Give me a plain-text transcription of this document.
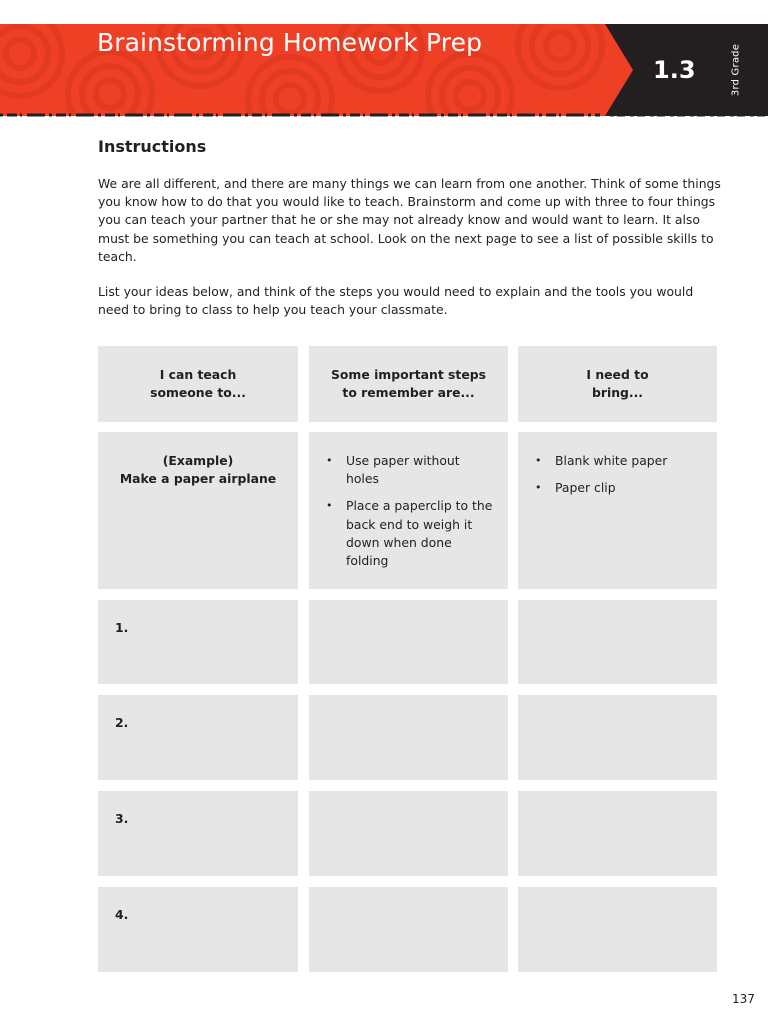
Brainstorming Homework Prep
1.3	3rd Grade
Instructions

We are all different, and there are many things we can learn from one another. Think of some things you know how to do that you would like to teach. Brainstorm and come up with three to four things you can teach your partner that he or she may not already know and would want to learn. It also must be something you can teach at school. Look on the next page to see a list of possible skills to teach.

List your ideas below, and think of the steps you would need to explain and the tools you would need to bring to class to help you teach your classmate.

I can teach someone to...
Some important steps to remember are...
I need to bring...
(Example)
Make a paper airplane
• Use paper without holes
• Place a paperclip to the back end to weigh it down when done folding
• Blank white paper
• Paper clip
1.
2.
3.
4.
137
